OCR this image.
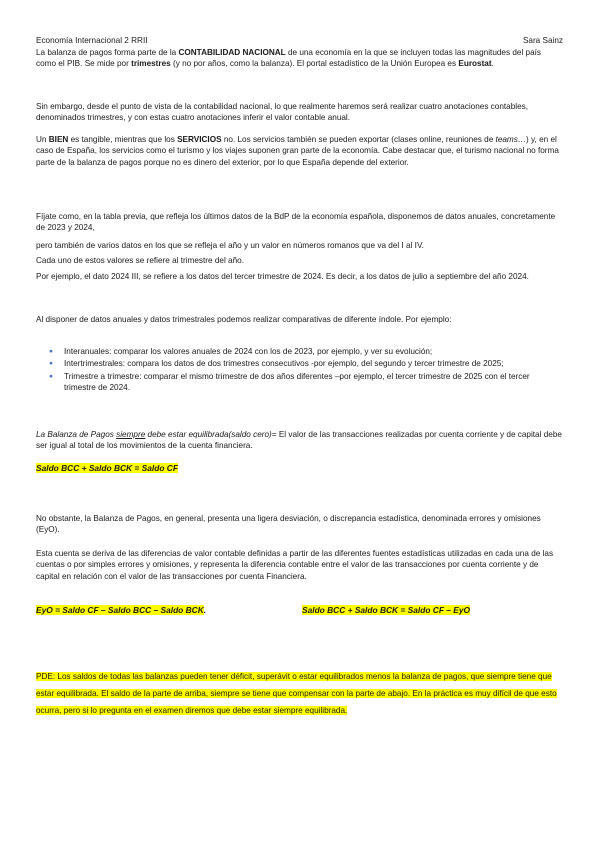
Economía Internacional 2 RRII	Sara Sainz
La balanza de pagos forma parte de la CONTABILIDAD NACIONAL de una economía en la que se incluyen todas las magnitudes del país como el PIB. Se mide por trimestres (y no por años, como la balanza). El portal estadístico de la Unión Europea es Eurostat.
Sin embargo, desde el punto de vista de la contabilidad nacional, lo que realmente haremos será realizar cuatro anotaciones contables, denominados trimestres, y con estas cuatro anotaciones inferir el valor contable anual.
Un BIEN es tangible, mientras que los SERVICIOS no. Los servicios también se pueden exportar (clases online, reuniones de teams…) y, en el caso de España, los servicios como el turismo y los viajes suponen gran parte de la economía. Cabe destacar que, el turismo nacional no forma parte de la balanza de pagos porque no es dinero del exterior, por lo que España depende del exterior.
Fíjate como, en la tabla previa, que refleja los últimos datos de la BdP de la economía española, disponemos de datos anuales, concretamente de 2023 y 2024,
pero también de varios datos en los que se refleja el año y un valor en números romanos que va del I al IV.
Cada uno de estos valores se refiere al trimestre del año.
Por ejemplo, el dato 2024 III, se refiere a los datos del tercer trimestre de 2024. Es decir, a los datos de julio a septiembre del año 2024.
Al disponer de datos anuales y datos trimestrales podemos realizar comparativas de diferente índole. Por ejemplo:
● Interanuales: comparar los valores anuales de 2024 con los de 2023, por ejemplo, y ver su evolución;
● Intertrimestrales: compara los datos de dos trimestres consecutivos -por ejemplo, del segundo y tercer trimestre de 2025;
● Trimestre a trimestre: comparar el mismo trimestre de dos años diferentes –por ejemplo, el tercer trimestre de 2025 con el tercer trimestre de 2024.
La Balanza de Pagos siempre debe estar equilibrada(saldo cero)= El valor de las transacciones realizadas por cuenta corriente y de capital debe ser igual al total de los movimientos de la cuenta financiera.
Saldo BCC + Saldo BCK = Saldo CF
No obstante, la Balanza de Pagos, en general, presenta una ligera desviación, o discrepancia estadística, denominada errores y omisiones (EyO).
Esta cuenta se deriva de las diferencias de valor contable definidas a partir de las diferentes fuentes estadísticas utilizadas en cada una de las cuentas o por simples errores y omisiones, y representa la diferencia contable entre el valor de las transacciones por cuenta corriente y de capital en relación con el valor de las transacciones por cuenta Financiera.
EyO = Saldo CF – Saldo BCC – Saldo BCK.	Saldo BCC + Saldo BCK = Saldo CF – EyO
PDE: Los saldos de todas las balanzas pueden tener déficit, superávit o estar equilibrados menos la balanza de pagos, que siempre tiene que estar equilibrada. El saldo de la parte de arriba, siempre se tiene que compensar con la parte de abajo. En la práctica es muy difícil de que esto ocurra, pero si lo pregunta en el examen diremos que debe estar siempre equilibrada.
